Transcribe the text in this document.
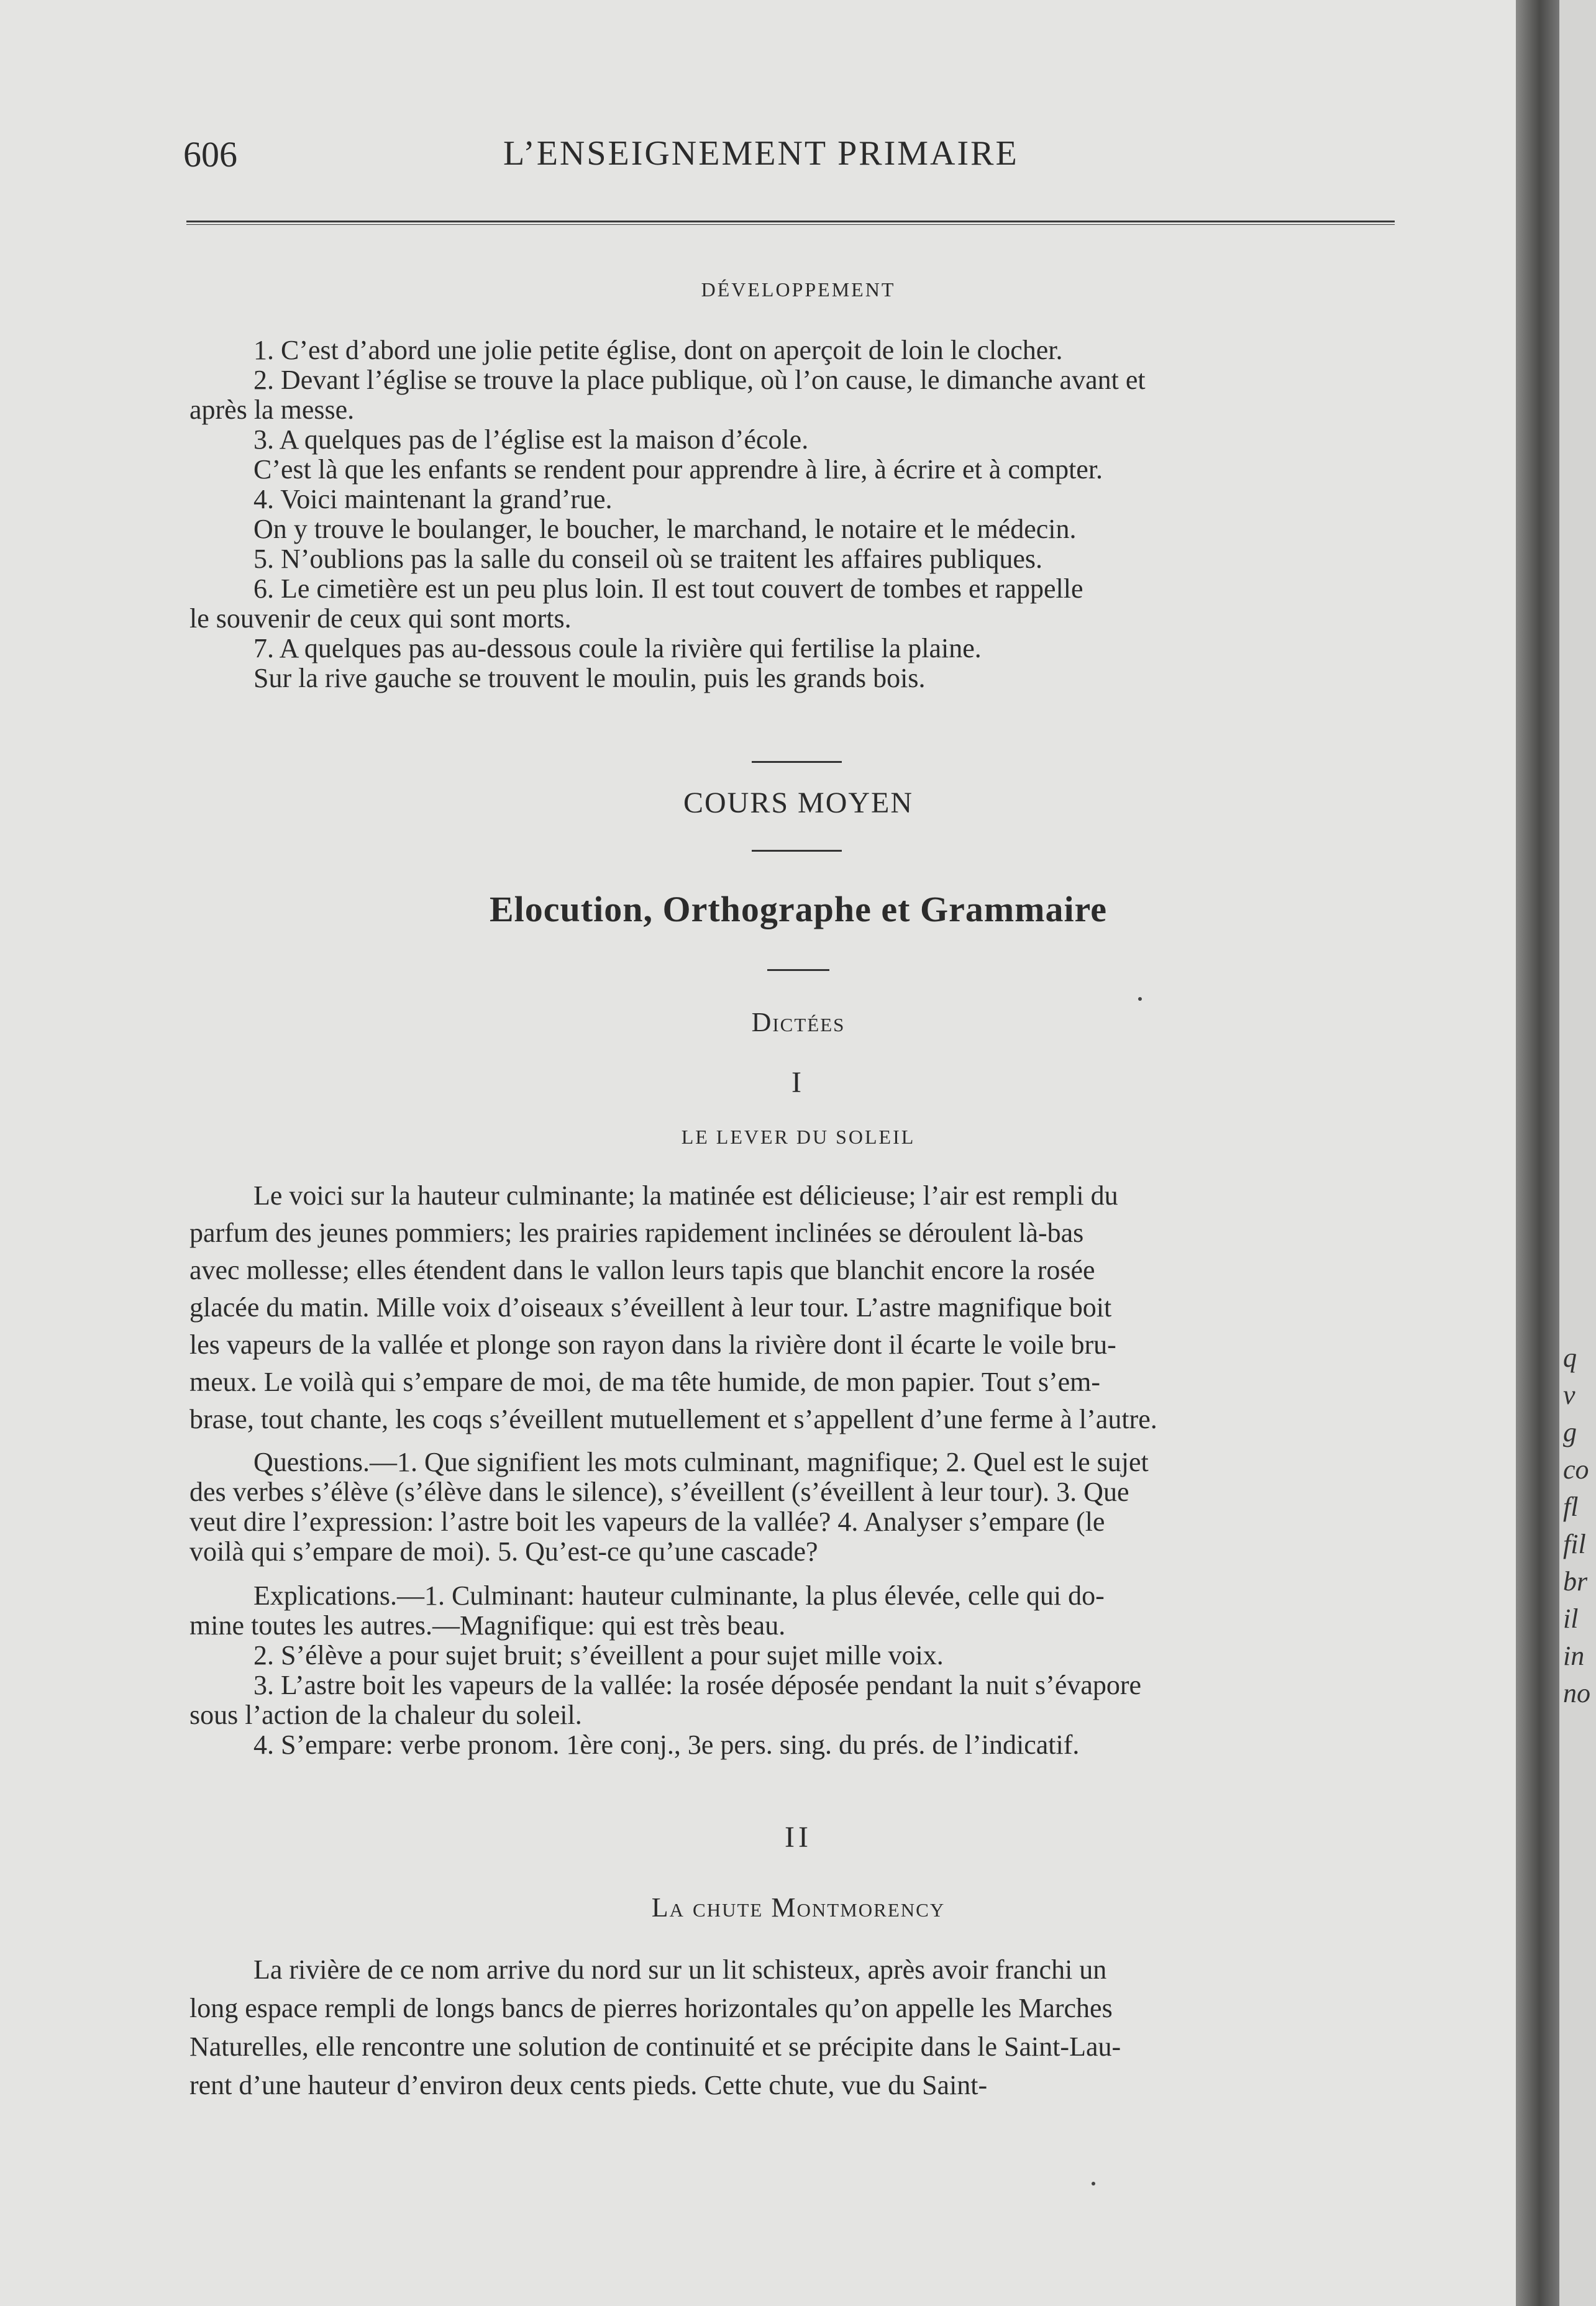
606	L’ENSEIGNEMENT PRIMAIRE
DÉVELOPPEMENT

1. C’est d’abord une jolie petite église, dont on aperçoit de loin le clocher.

2. Devant l’église se trouve la place publique, où l’on cause, le dimanche avant et

après la messe.

3. A quelques pas de l’église est la maison d’école.

C’est là que les enfants se rendent pour apprendre à lire, à écrire et à compter.

4. Voici maintenant la grand’rue.

On y trouve le boulanger, le boucher, le marchand, le notaire et le médecin.

5. N’oublions pas la salle du conseil où se traitent les affaires publiques.

6. Le cimetière est un peu plus loin. Il est tout couvert de tombes et rappelle

le souvenir de ceux qui sont morts.

7. A quelques pas au-dessous coule la rivière qui fertilise la plaine.

Sur la rive gauche se trouvent le moulin, puis les grands bois.

COURS MOYEN
Elocution, Orthographe et Grammaire
Dictées
I
LE LEVER DU SOLEIL

Le voici sur la hauteur culminante; la matinée est délicieuse; l’air est rempli du

parfum des jeunes pommiers; les prairies rapidement inclinées se déroulent là-bas

avec mollesse; elles étendent dans le vallon leurs tapis que blanchit encore la rosée

glacée du matin. Mille voix d’oiseaux s’éveillent à leur tour. L’astre magnifique boit

les vapeurs de la vallée et plonge son rayon dans la rivière dont il écarte le voile bru-

meux. Le voilà qui s’empare de moi, de ma tête humide, de mon papier. Tout s’em-

brase, tout chante, les coqs s’éveillent mutuellement et s’appellent d’une ferme à l’autre.

Questions.—1. Que signifient les mots culminant, magnifique; 2. Quel est le sujet

des verbes s’élève (s’élève dans le silence), s’éveillent (s’éveillent à leur tour). 3. Que

veut dire l’expression: l’astre boit les vapeurs de la vallée? 4. Analyser s’empare (le

voilà qui s’empare de moi). 5. Qu’est-ce qu’une cascade?

Explications.—1. Culminant: hauteur culminante, la plus élevée, celle qui do-

mine toutes les autres.—Magnifique: qui est très beau.

2. S’élève a pour sujet bruit; s’éveillent a pour sujet mille voix.

3. L’astre boit les vapeurs de la vallée: la rosée déposée pendant la nuit s’évapore

sous l’action de la chaleur du soleil.

4. S’empare: verbe pronom. 1ère conj., 3e pers. sing. du prés. de l’indicatif.

II
La chute Montmorency

La rivière de ce nom arrive du nord sur un lit schisteux, après avoir franchi un

long espace rempli de longs bancs de pierres horizontales qu’on appelle les Marches

Naturelles, elle rencontre une solution de continuité et se précipite dans le Saint-Lau-

rent d’une hauteur d’environ deux cents pieds. Cette chute, vue du Saint-

q
v
g
co
fl
fil
br
il
in
no
